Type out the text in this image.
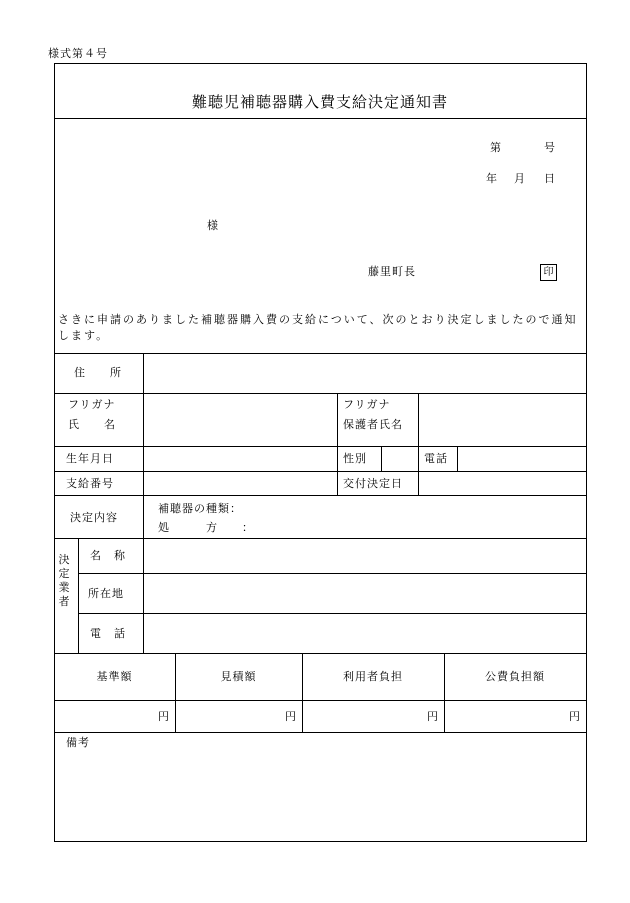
様式第４号
難聴児補聴器購入費支給決定通知書
第	号
年 月 日
様
藤里町長	印
さきに申請のありました補聴器購入費の支給について、次のとおり決定しましたので通知します。
住　　所
フリガナ
氏　　名
フリガナ
保護者氏名
生年月日	性別	電話
支給番号	交付決定日
決定内容
補聴器の種類：
処　　　方　　：
決
定
業
者
名　称
所在地
電　話
基準額	見積額	利用者負担	公費負担額
円	円	円	円
備考
